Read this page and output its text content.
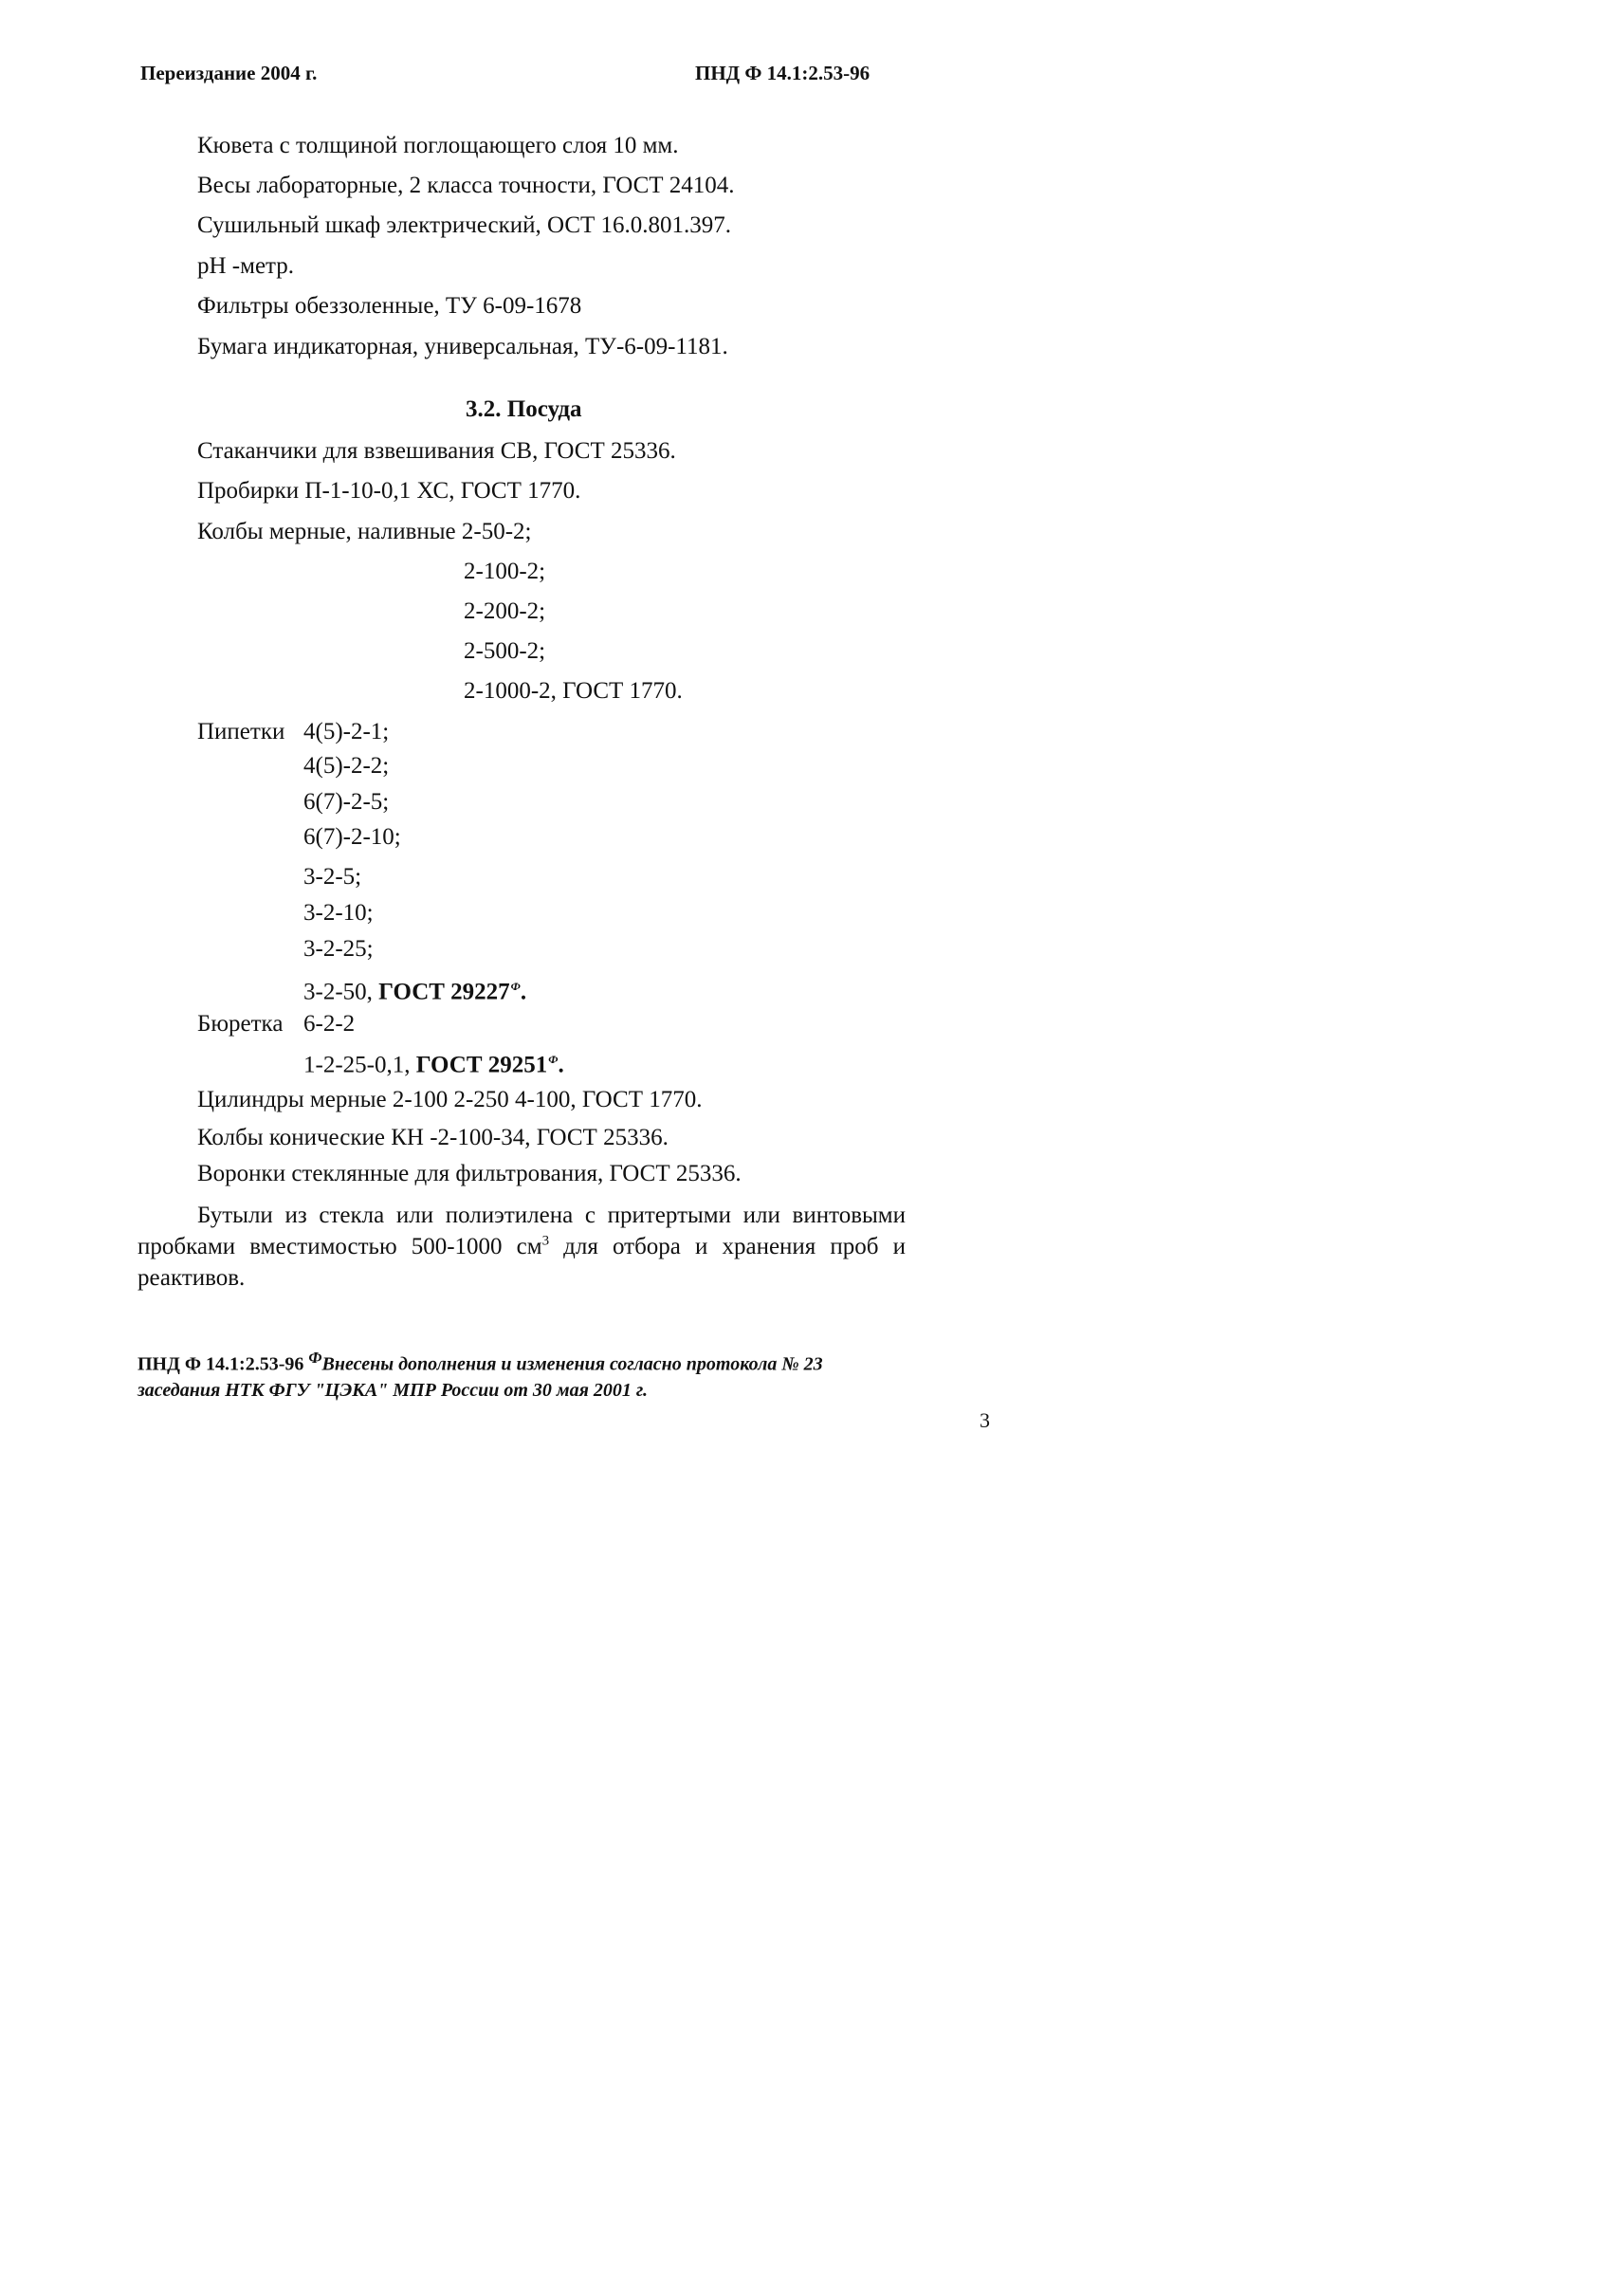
Переиздание 2004 г.	ПНД Ф 14.1:2.53-96
Кювета с толщиной поглощающего слоя 10 мм.
Весы лабораторные, 2 класса точности, ГОСТ 24104.
Сушильный шкаф электрический, ОСТ 16.0.801.397.
pH -метр.
Фильтры обеззоленные, ТУ 6-09-1678
Бумага индикаторная, универсальная, ТУ-6-09-1181.
3.2. Посуда
Стаканчики для взвешивания СВ, ГОСТ 25336.
Пробирки П-1-10-0,1 ХС, ГОСТ 1770.
Колбы мерные, наливные 2-50-2;
2-100-2;
2-200-2;
2-500-2;
2-1000-2, ГОСТ 1770.
Пипетки 4(5)-2-1;
4(5)-2-2;
6(7)-2-5;
6(7)-2-10;
3-2-5;
3-2-10;
3-2-25;
3-2-50, ГОСТ $29227^Ф$.
Бюретка 6-2-2
1-2-25-0,1, ГОСТ $29251^Ф$.
Цилиндры мерные 2-100 2-250 4-100, ГОСТ 1770.
Колбы конические КН -2-100-34, ГОСТ 25336.
Воронки стеклянные для фильтрования, ГОСТ 25336.
Бутыли из стекла или полиэтилена с притертыми или винтовыми пробками вместимостью 500-1000 $см^3$ для отбора и хранения проб и реактивов.
ПНД Ф 14.1:2.53-96 $^Ф$Внесены дополнения и изменения согласно протокола № 23 заседания НТК ФГУ "ЦЭКА" МПР России от 30 мая 2001 г.
3
